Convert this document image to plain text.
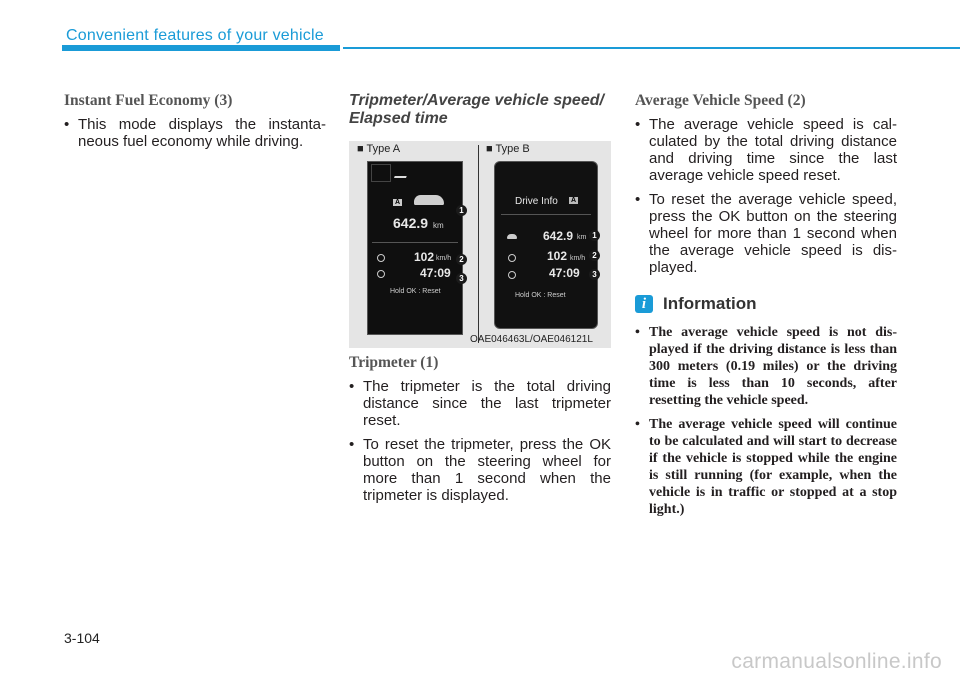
Convenient features of your vehicle
Instant Fuel Economy (3)
• This mode displays the instantaneous fuel economy while driving.
Tripmeter/Average vehicle speed/ Elapsed time
■ Type A	■ Type B
A
642.9 km
102 km/h
47:09
Hold OK : Reset
1
2
3
Drive Info A
642.9 km
102 km/h
47:09
Hold OK : Reset
1
2
3
OAE046463L/OAE046121L
Tripmeter (1)
• The tripmeter is the total driving distance since the last tripmeter reset.
• To reset the tripmeter, press the OK button on the steering wheel for more than 1 second when the tripmeter is displayed.
Average Vehicle Speed (2)
• The average vehicle speed is calculated by the total driving distance and driving time since the last average vehicle speed reset.
• To reset the average vehicle speed, press the OK button on the steering wheel for more than 1 second when the average vehicle speed is displayed.
i Information
• The average vehicle speed is not displayed if the driving distance is less than 300 meters (0.19 miles) or the driving time is less than 10 seconds, after resetting the vehicle speed.
• The average vehicle speed will continue to be calculated and will start to decrease if the vehicle is stopped while the engine is still running (for example, when the vehicle is in traffic or stopped at a stop light.)
3-104
carmanualsonline.info
